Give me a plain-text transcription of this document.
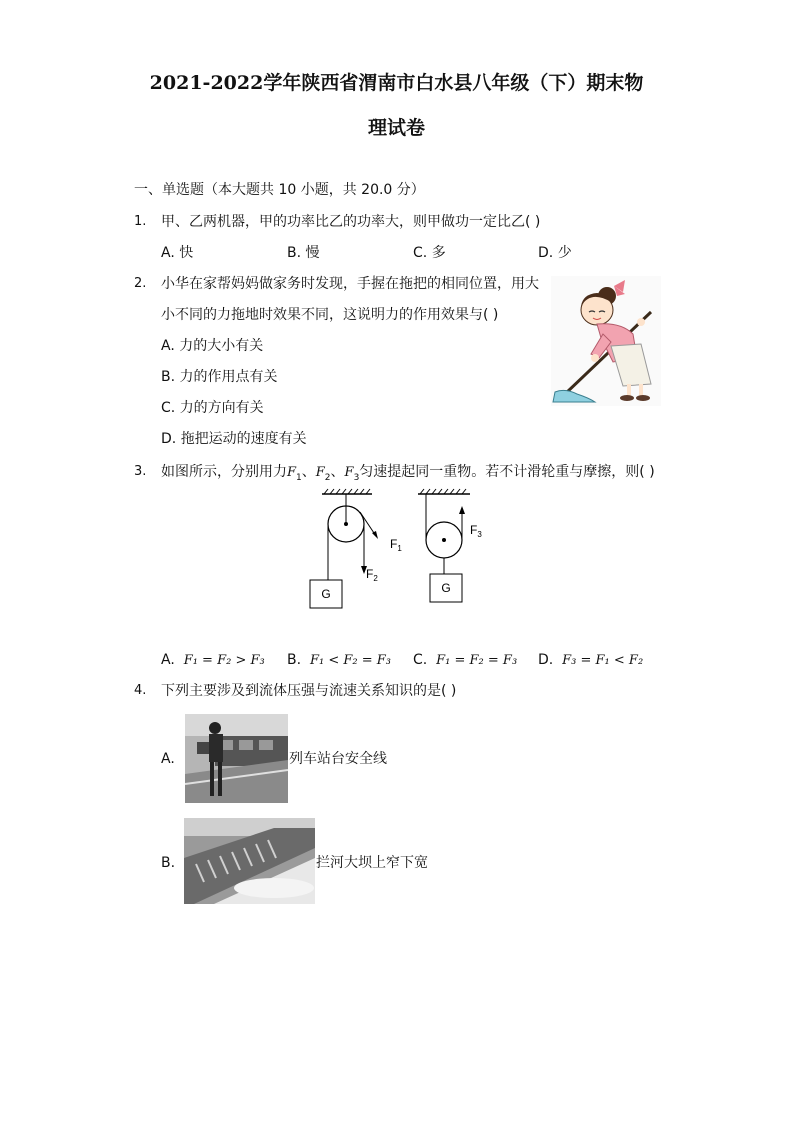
2021-2022学年陕西省渭南市白水县八年级（下）期末物
理试卷
一、单选题（本大题共 10 小题，共 20.0 分）
1. 甲、乙两机器，甲的功率比乙的功率大，则甲做功一定比乙( )
A. 快	B. 慢	C. 多	D. 少
2. 小华在家帮妈妈做家务时发现，手握在拖把的相同位置，用大
小不同的力拖地时效果不同，这说明力的作用效果与( )
A. 力的大小有关
B. 力的作用点有关
C. 力的方向有关
D. 拖把运动的速度有关
3. 如图所示，分别用力$F_1$、$F_2$、$F_3$匀速提起同一重物。若不计滑轮重与摩擦，则( )
G
$F_2$
$F_1$
$F_3$
G
A. F₁ = F₂ > F₃ B. F₁ < F₂ = F₃ C. F₁ = F₂ = F₃ D. F₃ = F₁ < F₂
4. 下列主要涉及到流体压强与流速关系知识的是( )
A.	列车站台安全线
B.	拦河大坝上窄下宽
